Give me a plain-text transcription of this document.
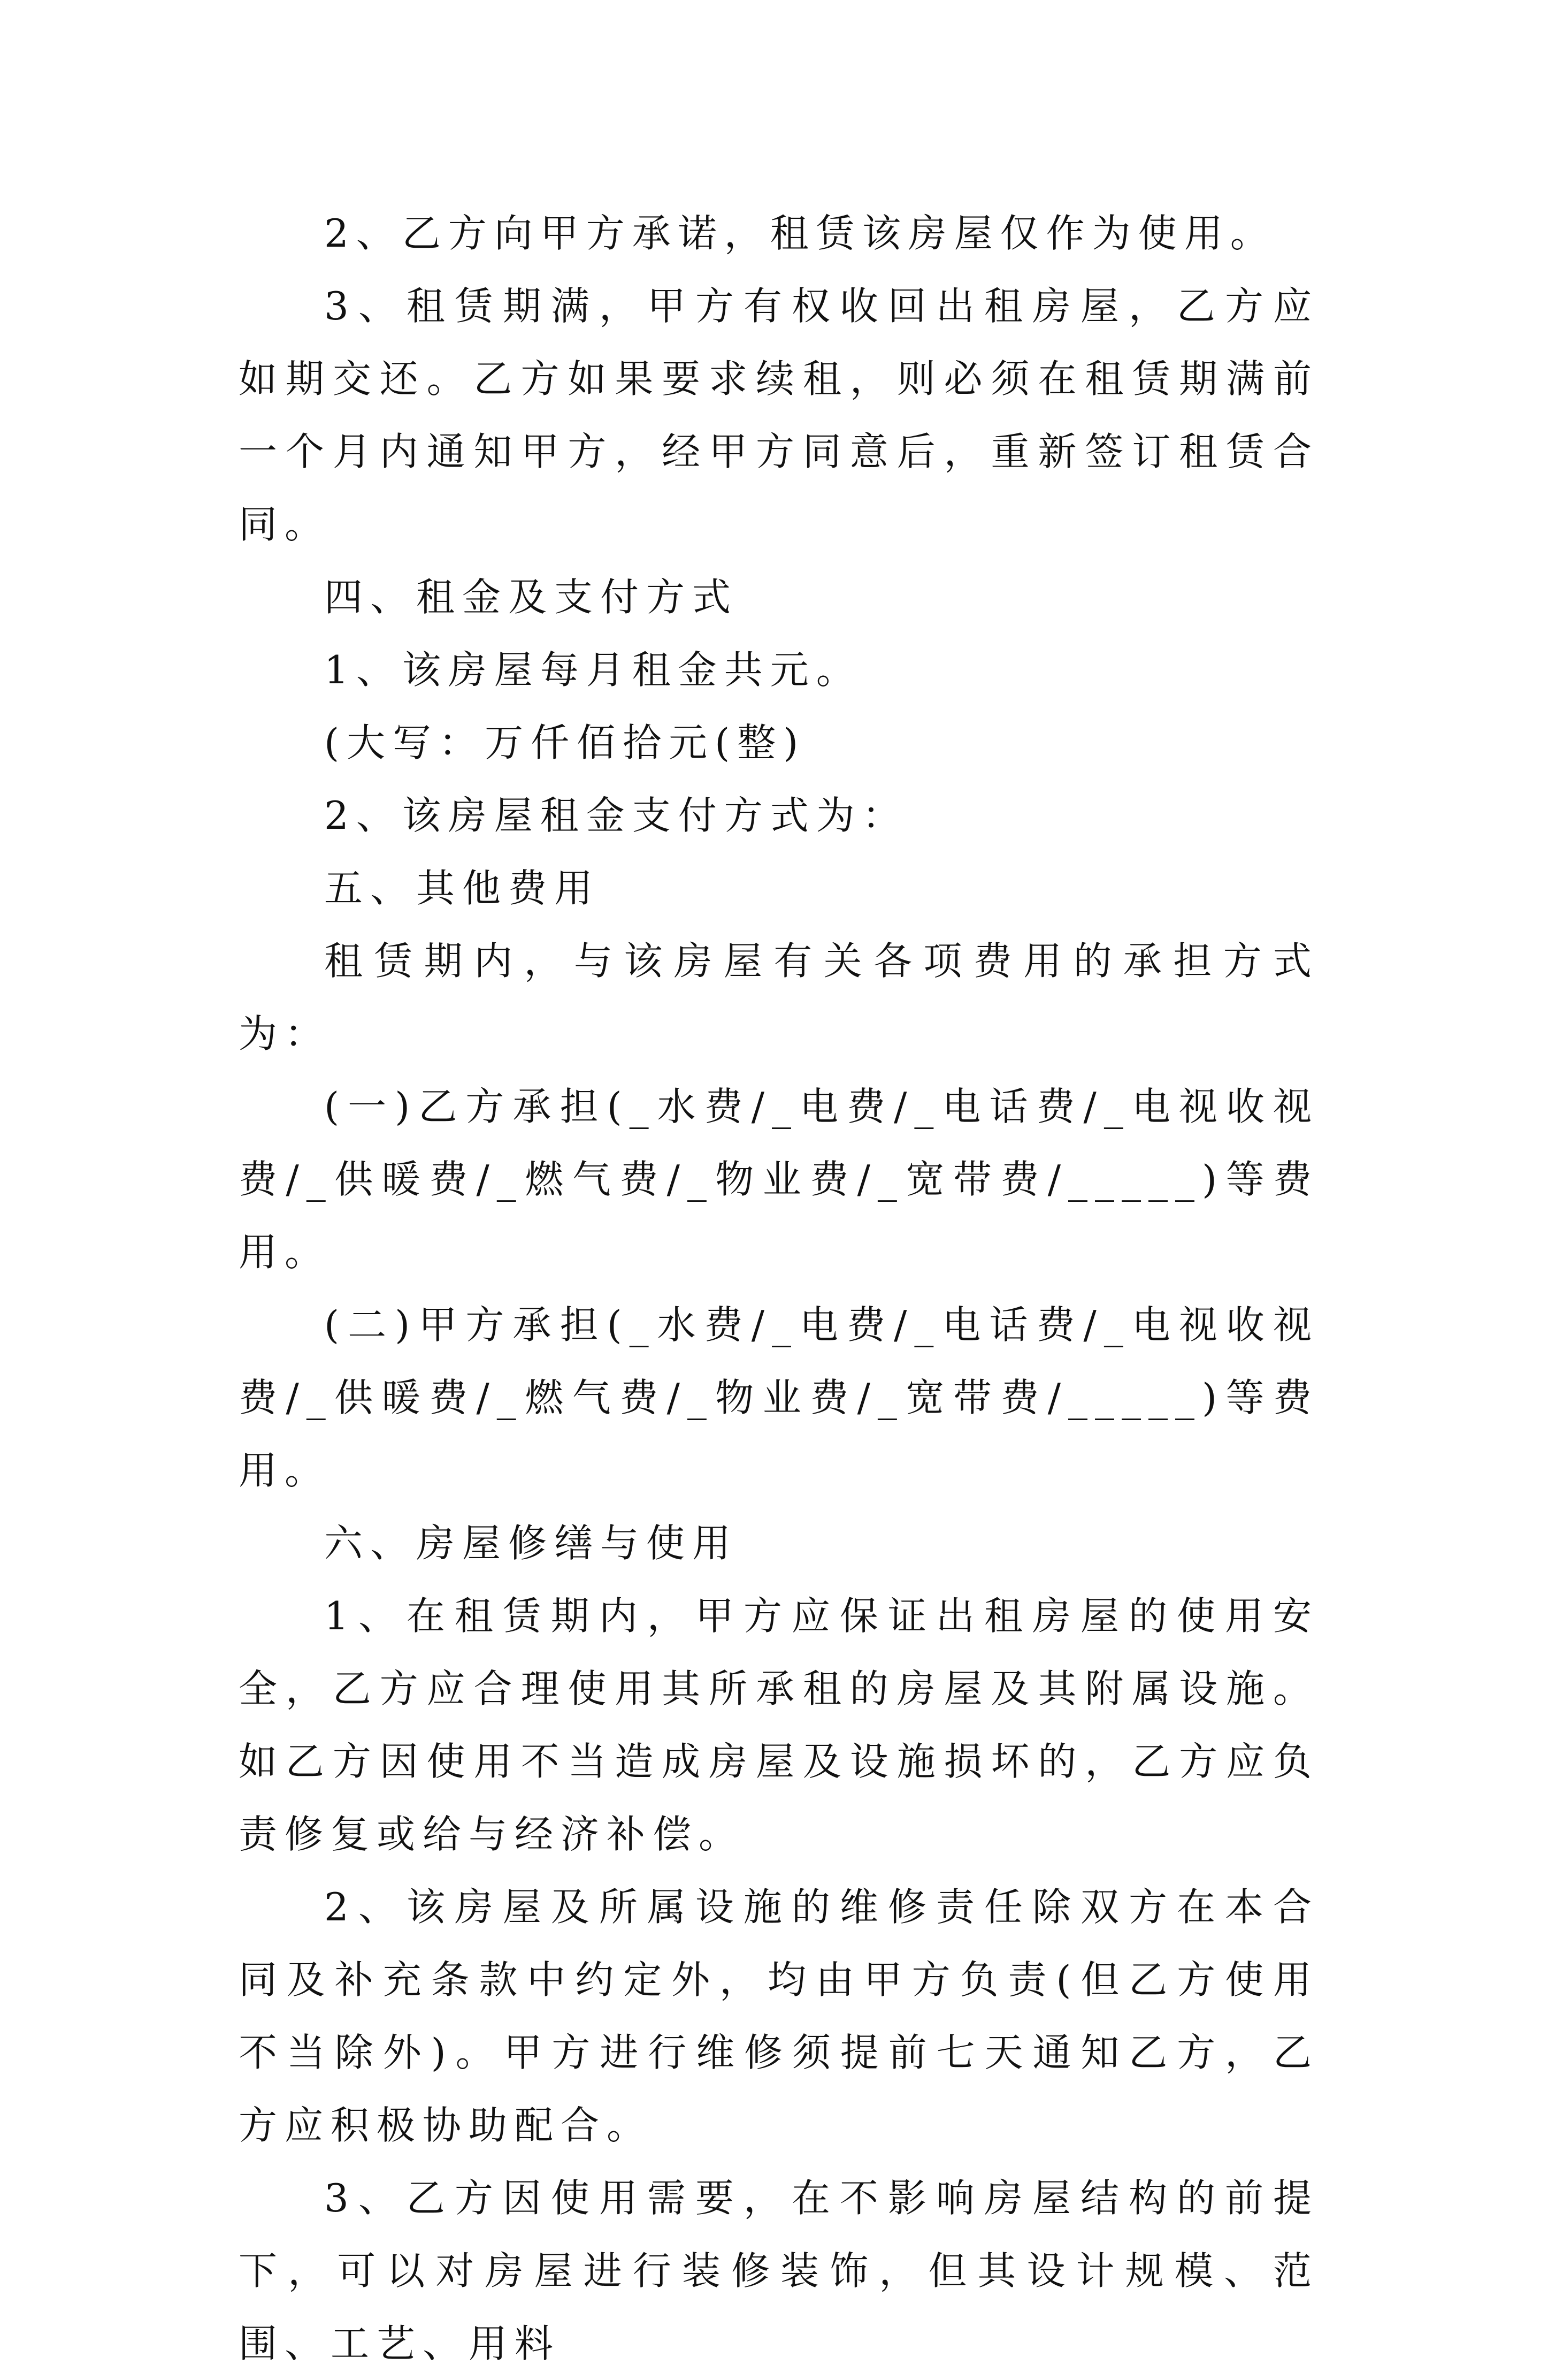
2、乙方向甲方承诺，租赁该房屋仅作为使用。

3、租赁期满，甲方有权收回出租房屋，乙方应如期交还。乙方如果要求续租，则必须在租赁期满前一个月内通知甲方，经甲方同意后，重新签订租赁合同。

四、租金及支付方式

1、该房屋每月租金共元。

(大写：万仟佰拾元(整)

2、该房屋租金支付方式为：

五、其他费用

租赁期内，与该房屋有关各项费用的承担方式为：

(一)乙方承担(_水费/_电费/_电话费/_电视收视费/_供暖费/_燃气费/_物业费/_宽带费/_____)等费用。

(二)甲方承担(_水费/_电费/_电话费/_电视收视费/_供暖费/_燃气费/_物业费/_宽带费/_____)等费用。

六、房屋修缮与使用

1、在租赁期内，甲方应保证出租房屋的使用安全，乙方应合理使用其所承租的房屋及其附属设施。如乙方因使用不当造成房屋及设施损坏的，乙方应负责修复或给与经济补偿。

2、该房屋及所属设施的维修责任除双方在本合同及补充条款中约定外，均由甲方负责(但乙方使用不当除外)。甲方进行维修须提前七天通知乙方，乙方应积极协助配合。

3、乙方因使用需要，在不影响房屋结构的前提下，可以对房屋进行装修装饰，但其设计规模、范围、工艺、用料
